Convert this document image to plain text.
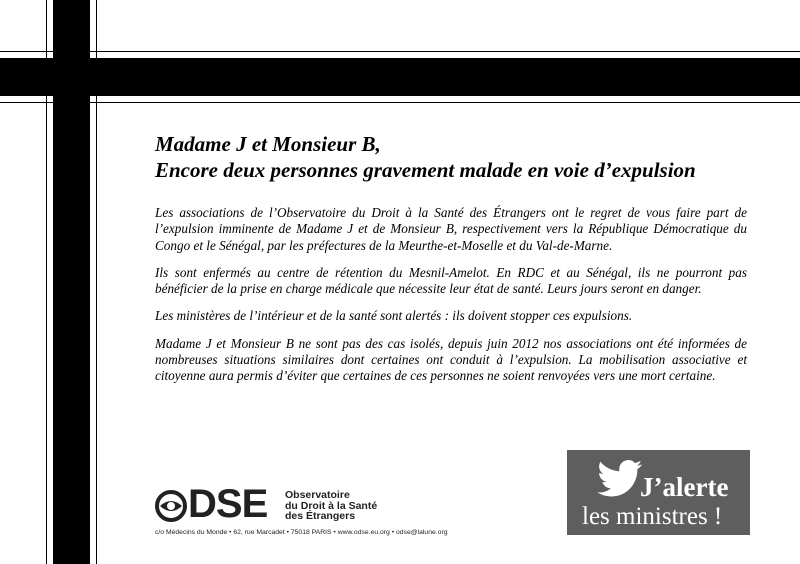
Madame J et Monsieur B,
Encore deux personnes gravement malade en voie d’expulsion

Les associations de l’Observatoire du Droit à la Santé des Étrangers ont le regret de vous faire part de l’expulsion imminente de Madame J et de Monsieur B, respectivement vers la République Démocratique du Congo et le Sénégal, par les préfectures de la Meurthe-et-Moselle et du Val-de-Marne.

Ils sont enfermés au centre de rétention du Mesnil-Amelot. En RDC et au Sénégal, ils ne pourront pas bénéficier de la prise en charge médicale que nécessite leur état de santé. Leurs jours seront en danger.

Les ministères de l’intérieur et de la santé sont alertés : ils doivent stopper ces expulsions.

Madame J et Monsieur B ne sont pas des cas isolés, depuis juin 2012 nos associations ont été informées de nombreuses situations similaires dont certaines ont conduit à l’expulsion. La mobilisation associative et citoyenne aura permis d’éviter que certaines de ces personnes ne soient renvoyées vers une mort certaine.

J’alerte
les ministres !
DSE Observatoire
du Droit à la Santé
des Étrangers
c/o Médecins du Monde • 62, rue Marcadet • 75018 PARIS • www.odse.eu.org • odse@lalune.org
